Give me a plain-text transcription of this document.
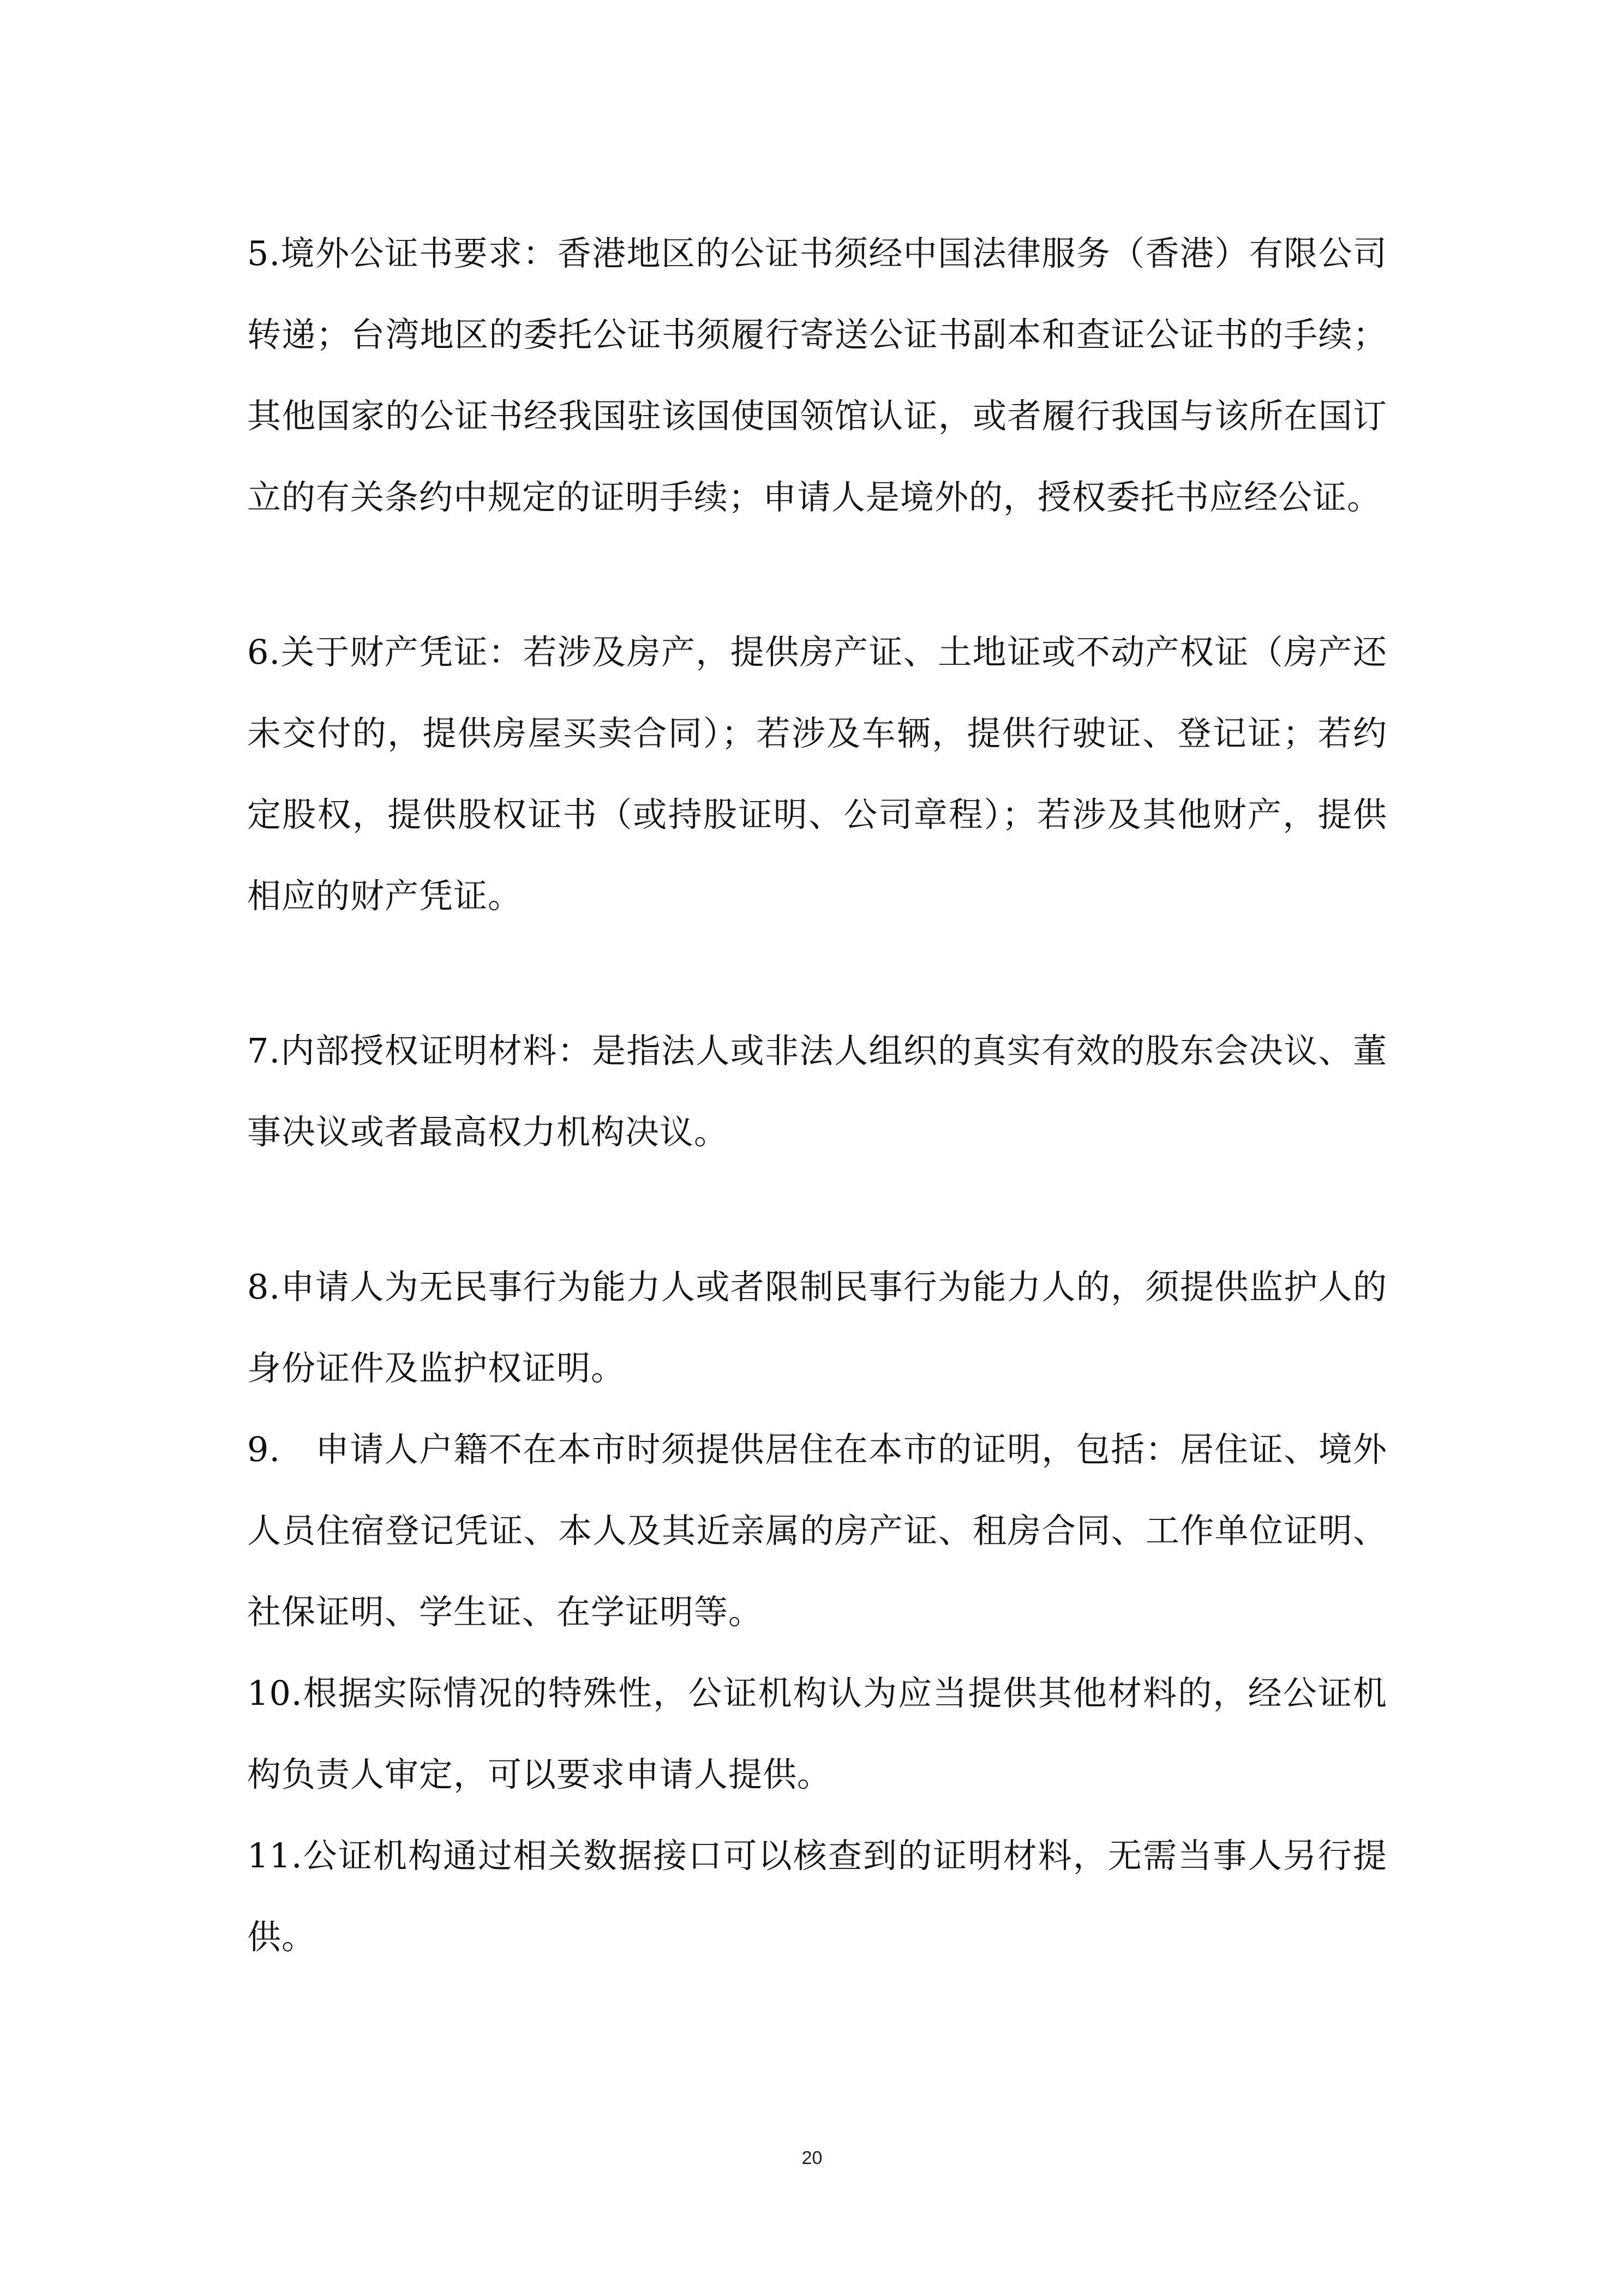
5.境外公证书要求：香港地区的公证书须经中国法律服务（香港）有限公司转递；台湾地区的委托公证书须履行寄送公证书副本和查证公证书的手续；其他国家的公证书经我国驻该国使国领馆认证，或者履行我国与该所在国订立的有关条约中规定的证明手续；申请人是境外的，授权委托书应经公证。

6.关于财产凭证：若涉及房产，提供房产证、土地证或不动产权证（房产还未交付的，提供房屋买卖合同）；若涉及车辆，提供行驶证、登记证；若约定股权，提供股权证书（或持股证明、公司章程）；若涉及其他财产，提供相应的财产凭证。

7.内部授权证明材料：是指法人或非法人组织的真实有效的股东会决议、董事决议或者最高权力机构决议。

8.申请人为无民事行为能力人或者限制民事行为能力人的，须提供监护人的身份证件及监护权证明。

9.　申请人户籍不在本市时须提供居住在本市的证明，包括：居住证、境外人员住宿登记凭证、本人及其近亲属的房产证、租房合同、工作单位证明、社保证明、学生证、在学证明等。

10.根据实际情况的特殊性，公证机构认为应当提供其他材料的，经公证机构负责人审定，可以要求申请人提供。

11.公证机构通过相关数据接口可以核查到的证明材料，无需当事人另行提供。

20
